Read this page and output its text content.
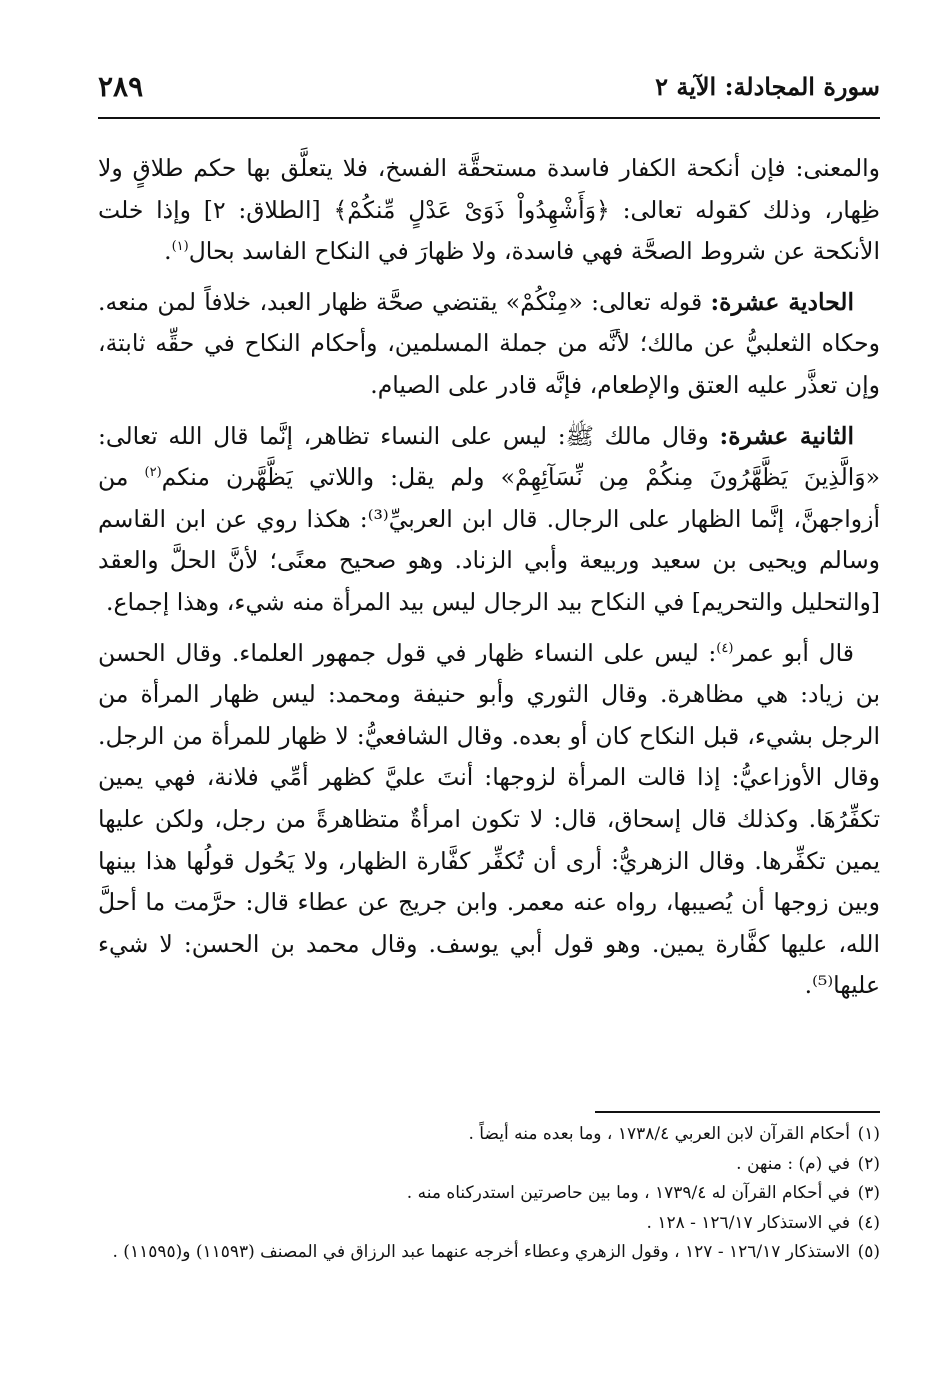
سورة المجادلة: الآية ٢
٢٨٩

والمعنى: فإن أنكحة الكفار فاسدة مستحقَّة الفسخ، فلا يتعلَّق بها حكم طلاقٍ ولا ظِهار، وذلك كقوله تعالى: ﴿وَأَشْهِدُواْ ذَوَىْ عَدْلٍ مِّنكُمْ﴾ [الطلاق: ٢] وإذا خلت الأنكحة عن شروط الصحَّة فهي فاسدة، ولا ظهارَ في النكاح الفاسد بحال$^{(١)}$.

الحادية عشرة: قوله تعالى: «مِنْكُمْ» يقتضي صحَّة ظهار العبد، خلافاً لمن منعه. وحكاه الثعلبيُّ عن مالك؛ لأنَّه من جملة المسلمين، وأحكام النكاح في حقِّه ثابتة، وإن تعذَّر عليه العتق والإطعام، فإنَّه قادر على الصيام.

الثانية عشرة: وقال مالك ﷺ: ليس على النساء تظاهر، إنَّما قال الله تعالى: «وَالَّذِينَ يَظَّهَّرُونَ مِنكُمْ مِن نِّسَآئِهِمْ» ولم يقل: واللاتي يَظَّهَّرن منكم$^{(٢)}$ من أزواجهنَّ، إنَّما الظهار على الرجال. قال ابن العربيِّ⁽³⁾: هكذا روي عن ابن القاسم وسالم ويحيى بن سعيد وربيعة وأبي الزناد. وهو صحيح معنًى؛ لأنَّ الحلَّ والعقد [والتحليل والتحريم] في النكاح بيد الرجال ليس بيد المرأة منه شيء، وهذا إجماع.

قال أبو عمر$^{(٤)}$: ليس على النساء ظهار في قول جمهور العلماء. وقال الحسن بن زياد: هي مظاهرة. وقال الثوري وأبو حنيفة ومحمد: ليس ظهار المرأة من الرجل بشيء، قبل النكاح كان أو بعده. وقال الشافعيُّ: لا ظهار للمرأة من الرجل. وقال الأوزاعيُّ: إذا قالت المرأة لزوجها: أنتَ عليَّ كظهر أمِّي فلانة، فهي يمين تكفِّرُهَا. وكذلك قال إسحاق، قال: لا تكون امرأةٌ متظاهرةً من رجل، ولكن عليها يمين تكفِّرها. وقال الزهريُّ: أرى أن تُكفِّر كفَّارة الظهار، ولا يَحُول قولُها هذا بينها وبين زوجها أن يُصيبها، رواه عنه معمر. وابن جريج عن عطاء قال: حرَّمت ما أحلَّ الله، عليها كفَّارة يمين. وهو قول أبي يوسف. وقال محمد بن الحسن: لا شيء عليها⁽⁵⁾.

(١)
أحكام القرآن لابن العربي ١٧٣٨/٤ ، وما بعده منه أيضاً .

(٢)
في (م) : منهن .

(٣)
في أحكام القرآن له ١٧٣٩/٤ ، وما بين حاصرتين استدركناه منه .

(٤)
في الاستذكار ١٢٦/١٧ - ١٢٨ .

(٥)
الاستذكار ١٢٦/١٧ - ١٢٧ ، وقول الزهري وعطاء أخرجه عنهما عبد الرزاق في المصنف (١١٥٩٣) و(١١٥٩٥) .
